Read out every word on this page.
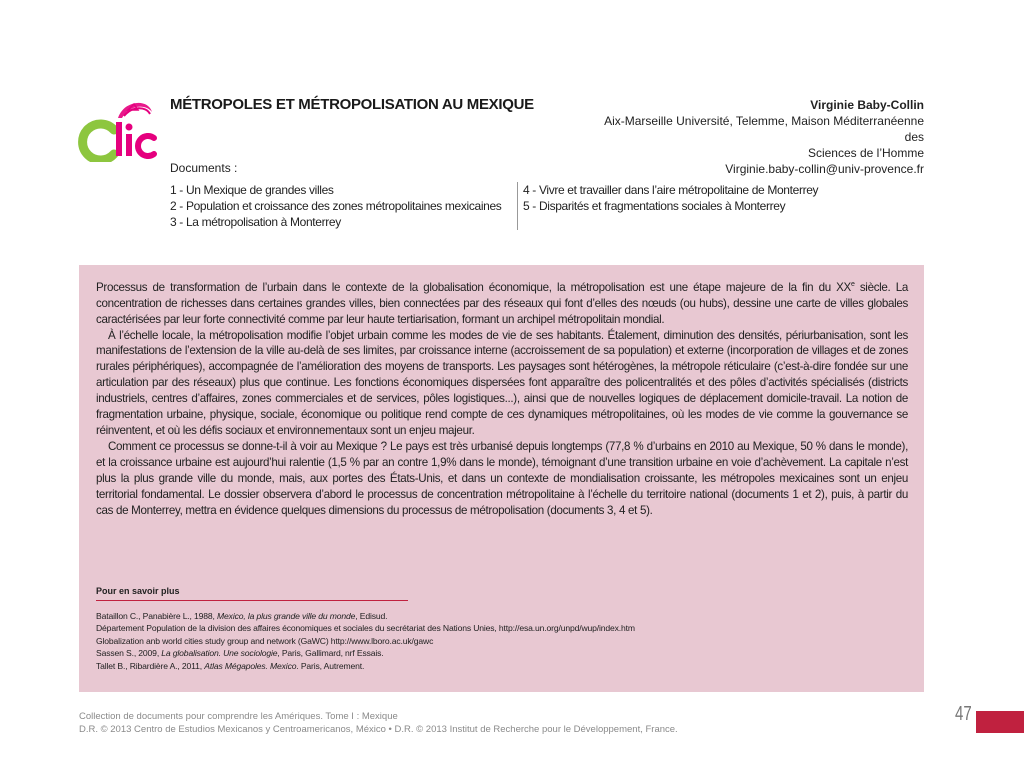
MÉTROPOLES ET MÉTROPOLISATION AU MEXIQUE	Virginie Baby-Collin
Aix-Marseille Université, Telemme, Maison Méditerranéenne des
Sciences de l’Homme
Virginie.baby-collin@univ-provence.fr
Documents :
1 - Un Mexique de grandes villes
2 - Population et croissance des zones métropolitaines mexicaines
3 - La métropolisation à Monterrey
4 - Vivre et travailler dans l’aire métropolitaine de Monterrey
5 - Disparités et fragmentations sociales à Monterrey

Processus de transformation de l’urbain dans le contexte de la globalisation économique, la métropolisation est une étape majeure de la fin du XXe siècle. La concentration de richesses dans certaines grandes villes, bien connectées par des réseaux qui font d’elles des nœuds (ou hubs), dessine une carte de villes globales caractérisées par leur forte connectivité comme par leur haute tertiarisation, formant un archipel métropolitain mondial.

À l’échelle locale, la métropolisation modifie l’objet urbain comme les modes de vie de ses habitants. Étalement, diminution des densités, périurbanisation, sont les manifestations de l’extension de la ville au-delà de ses limites, par croissance interne (accroissement de sa population) et externe (incorporation de villages et de zones rurales périphériques), accompagnée de l’amélioration des moyens de transports. Les paysages sont hétérogènes, la métropole réticulaire (c’est-à-dire fondée sur une articulation par des réseaux) plus que continue. Les fonctions économiques dispersées font apparaître des policentralités et des pôles d’activités spécialisés (districts industriels, centres d’affaires, zones commerciales et de services, pôles logistiques...), ainsi que de nouvelles logiques de déplacement domicile-travail. La notion de fragmentation urbaine, physique, sociale, économique ou politique rend compte de ces dynamiques métropolitaines, où les modes de vie comme la gouvernance se réinventent, et où les défis sociaux et environnementaux sont un enjeu majeur.

Comment ce processus se donne-t-il à voir au Mexique ? Le pays est très urbanisé depuis longtemps (77,8 % d’urbains en 2010 au Mexique, 50 % dans le monde), et la croissance urbaine est aujourd’hui ralentie (1,5 % par an contre 1,9% dans le monde), témoignant d’une transition urbaine en voie d’achèvement. La capitale n’est plus la plus grande ville du monde, mais, aux portes des États-Unis, et dans un contexte de mondialisation croissante, les métropoles mexicaines sont un enjeu territorial fondamental. Le dossier observera d’abord le processus de concentration métropolitaine à l’échelle du territoire national (documents 1 et 2), puis, à partir du cas de Monterrey, mettra en évidence quelques dimensions du processus de métropolisation (documents 3, 4 et 5).

Pour en savoir plus
Bataillon C., Panabière L., 1988, Mexico, la plus grande ville du monde, Edisud.
Département Population de la division des affaires économiques et sociales du secrétariat des Nations Unies, http://esa.un.org/unpd/wup/index.htm
Globalization anb world cities study group and network (GaWC) http://www.lboro.ac.uk/gawc
Sassen S., 2009, La globalisation. Une sociologie, Paris, Gallimard, nrf Essais.
Tallet B., Ribardière A., 2011, Atlas Mégapoles. Mexico. Paris, Autrement.
Collection de documents pour comprendre les Amériques. Tome I : Mexique
D.R. © 2013 Centro de Estudios Mexicanos y Centroamericanos, México • D.R. © 2013 Institut de Recherche pour le Développement, France.
47
